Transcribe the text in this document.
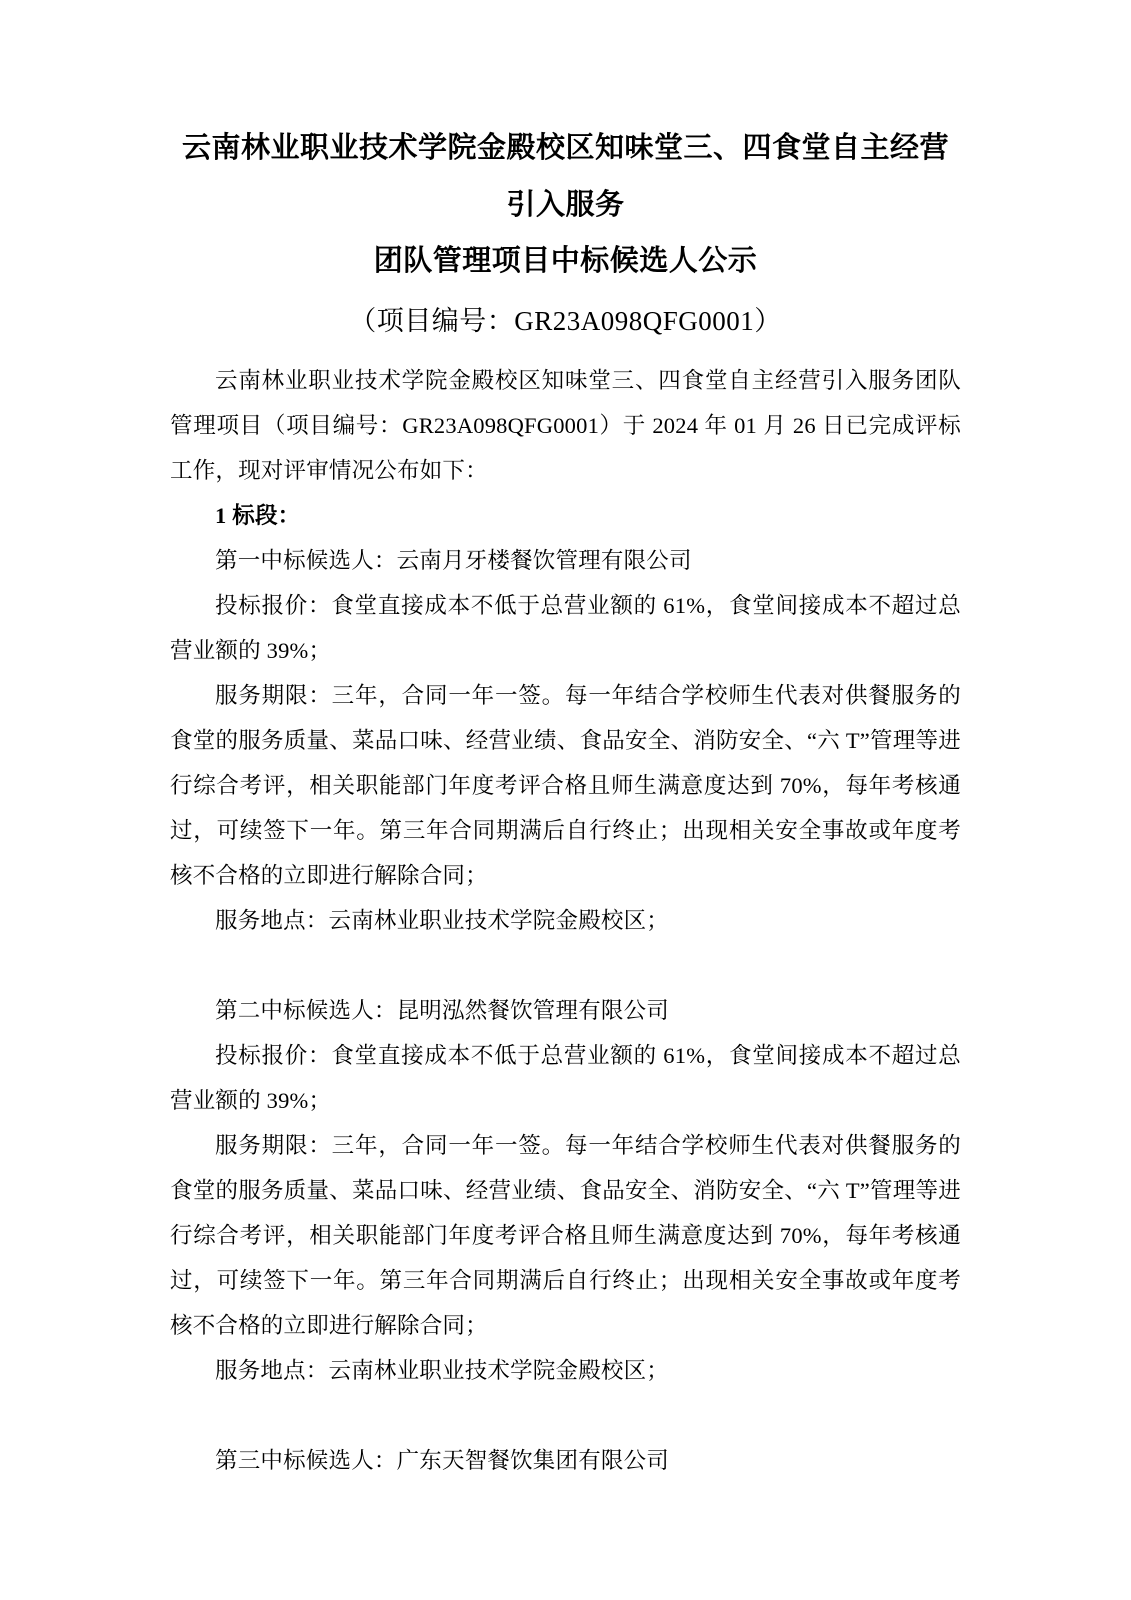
云南林业职业技术学院金殿校区知味堂三、四食堂自主经营引入服务
团队管理项目中标候选人公示
（项目编号：GR23A098QFG0001）

云南林业职业技术学院金殿校区知味堂三、四食堂自主经营引入服务团队管理项目（项目编号：GR23A098QFG0001）于 2024 年 01 月 26 日已完成评标工作，现对评审情况公布如下：

1 标段：

第一中标候选人：云南月牙楼餐饮管理有限公司

投标报价：食堂直接成本不低于总营业额的 61%，食堂间接成本不超过总营业额的 39%；

服务期限：三年，合同一年一签。每一年结合学校师生代表对供餐服务的食堂的服务质量、菜品口味、经营业绩、食品安全、消防安全、“六 T”管理等进行综合考评，相关职能部门年度考评合格且师生满意度达到 70%，每年考核通过，可续签下一年。第三年合同期满后自行终止；出现相关安全事故或年度考核不合格的立即进行解除合同；

服务地点：云南林业职业技术学院金殿校区；

第二中标候选人：昆明泓然餐饮管理有限公司

投标报价：食堂直接成本不低于总营业额的 61%，食堂间接成本不超过总营业额的 39%；

服务期限：三年，合同一年一签。每一年结合学校师生代表对供餐服务的食堂的服务质量、菜品口味、经营业绩、食品安全、消防安全、“六 T”管理等进行综合考评，相关职能部门年度考评合格且师生满意度达到 70%，每年考核通过，可续签下一年。第三年合同期满后自行终止；出现相关安全事故或年度考核不合格的立即进行解除合同；

服务地点：云南林业职业技术学院金殿校区；

第三中标候选人：广东天智餐饮集团有限公司
